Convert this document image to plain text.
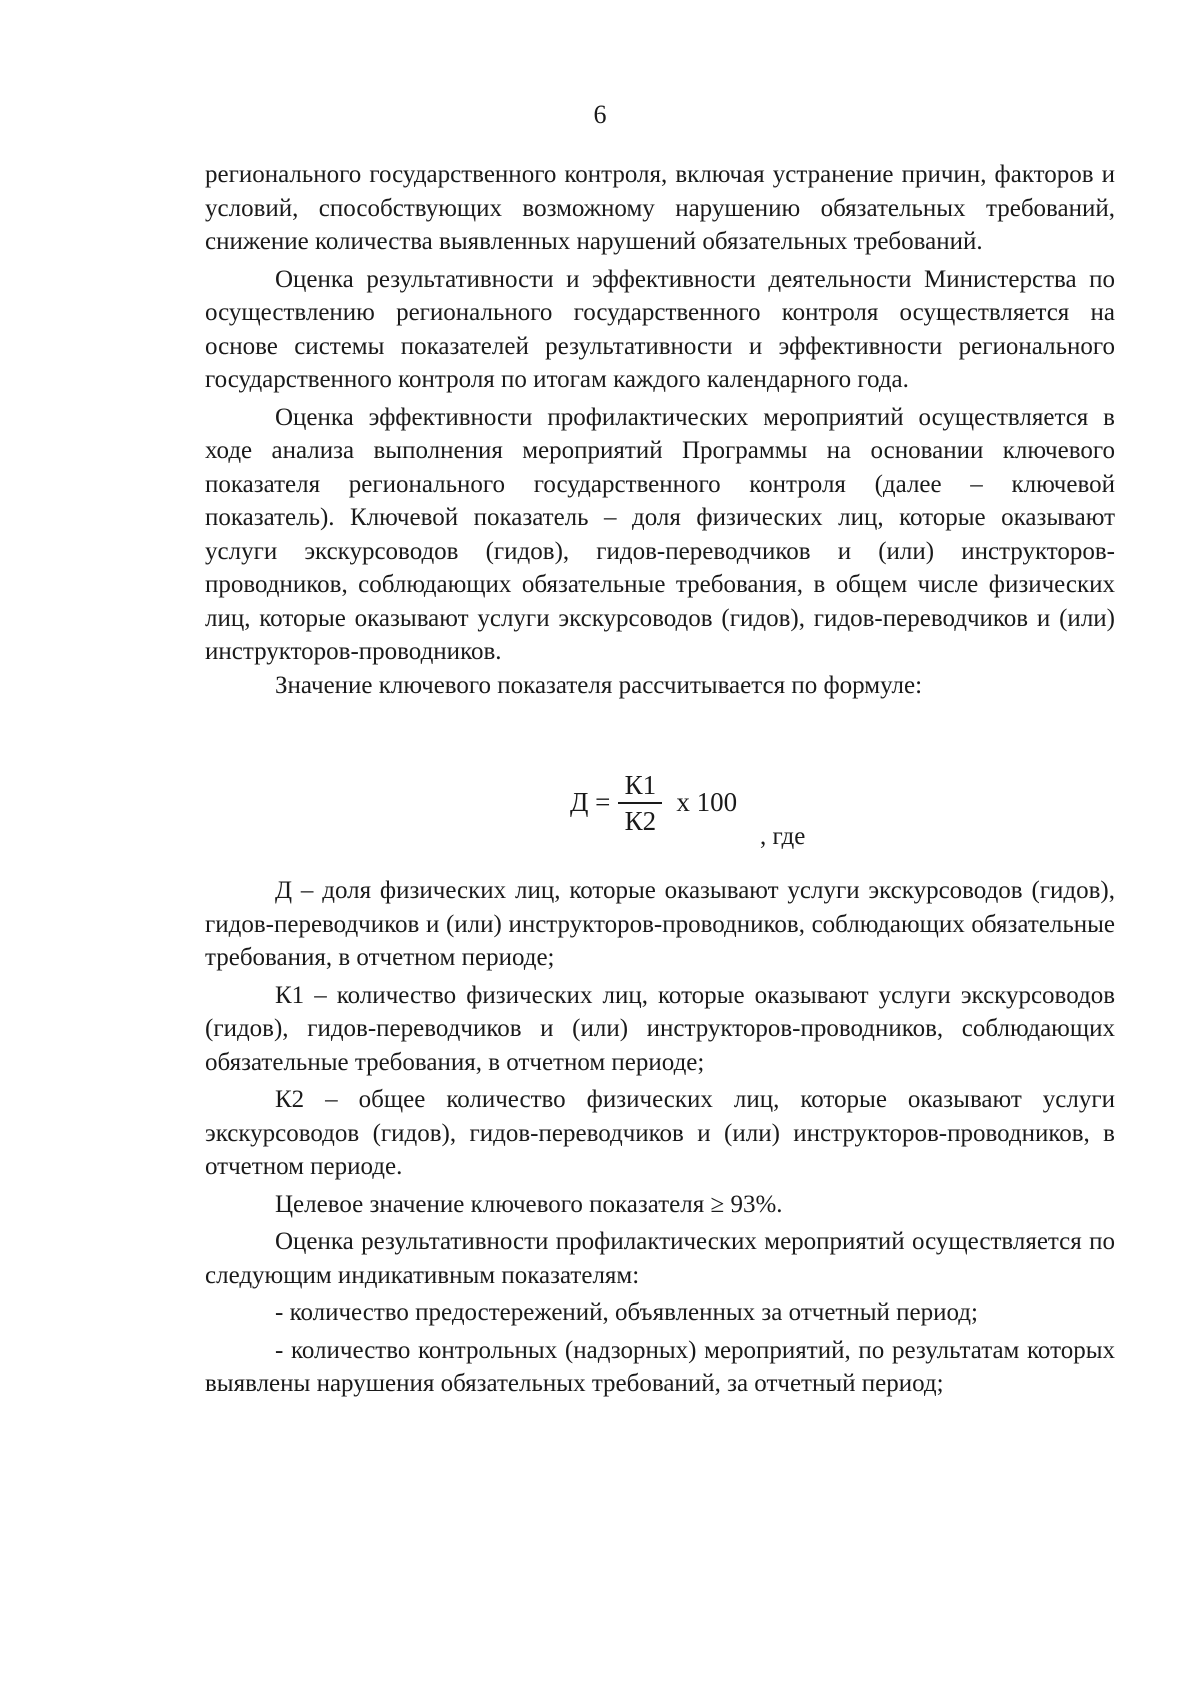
6

регионального государственного контроля, включая устранение причин, факторов и условий, способствующих возможному нарушению обязательных требований, снижение количества выявленных нарушений обязательных требований.

Оценка результативности и эффективности деятельности Министерства по осуществлению регионального государственного контроля осуществляется на основе системы показателей результативности и эффективности регионального государственного контроля по итогам каждого календарного года.

Оценка эффективности профилактических мероприятий осуществляется в ходе анализа выполнения мероприятий Программы на основании ключевого показателя регионального государственного контроля (далее – ключевой показатель). Ключевой показатель – доля физических лиц, которые оказывают услуги экскурсоводов (гидов), гидов-переводчиков и (или) инструкторов-проводников, соблюдающих обязательные требования, в общем числе физических лиц, которые оказывают услуги экскурсоводов (гидов), гидов-переводчиков и (или) инструкторов-проводников.

Значение ключевого показателя рассчитывается по формуле:

$Д = \frac{К1}{К2}$ х 100
, где

Д – доля физических лиц, которые оказывают услуги экскурсоводов (гидов), гидов-переводчиков и (или) инструкторов-проводников, соблюдающих обязательные требования, в отчетном периоде;

К1 – количество физических лиц, которые оказывают услуги экскурсоводов (гидов), гидов-переводчиков и (или) инструкторов-проводников, соблюдающих обязательные требования, в отчетном периоде;

К2 – общее количество физических лиц, которые оказывают услуги экскурсоводов (гидов), гидов-переводчиков и (или) инструкторов-проводников, в отчетном периоде.

Целевое значение ключевого показателя ≥ 93%.

Оценка результативности профилактических мероприятий осуществляется по следующим индикативным показателям:

- количество предостережений, объявленных за отчетный период;

- количество контрольных (надзорных) мероприятий, по результатам которых выявлены нарушения обязательных требований, за отчетный период;
